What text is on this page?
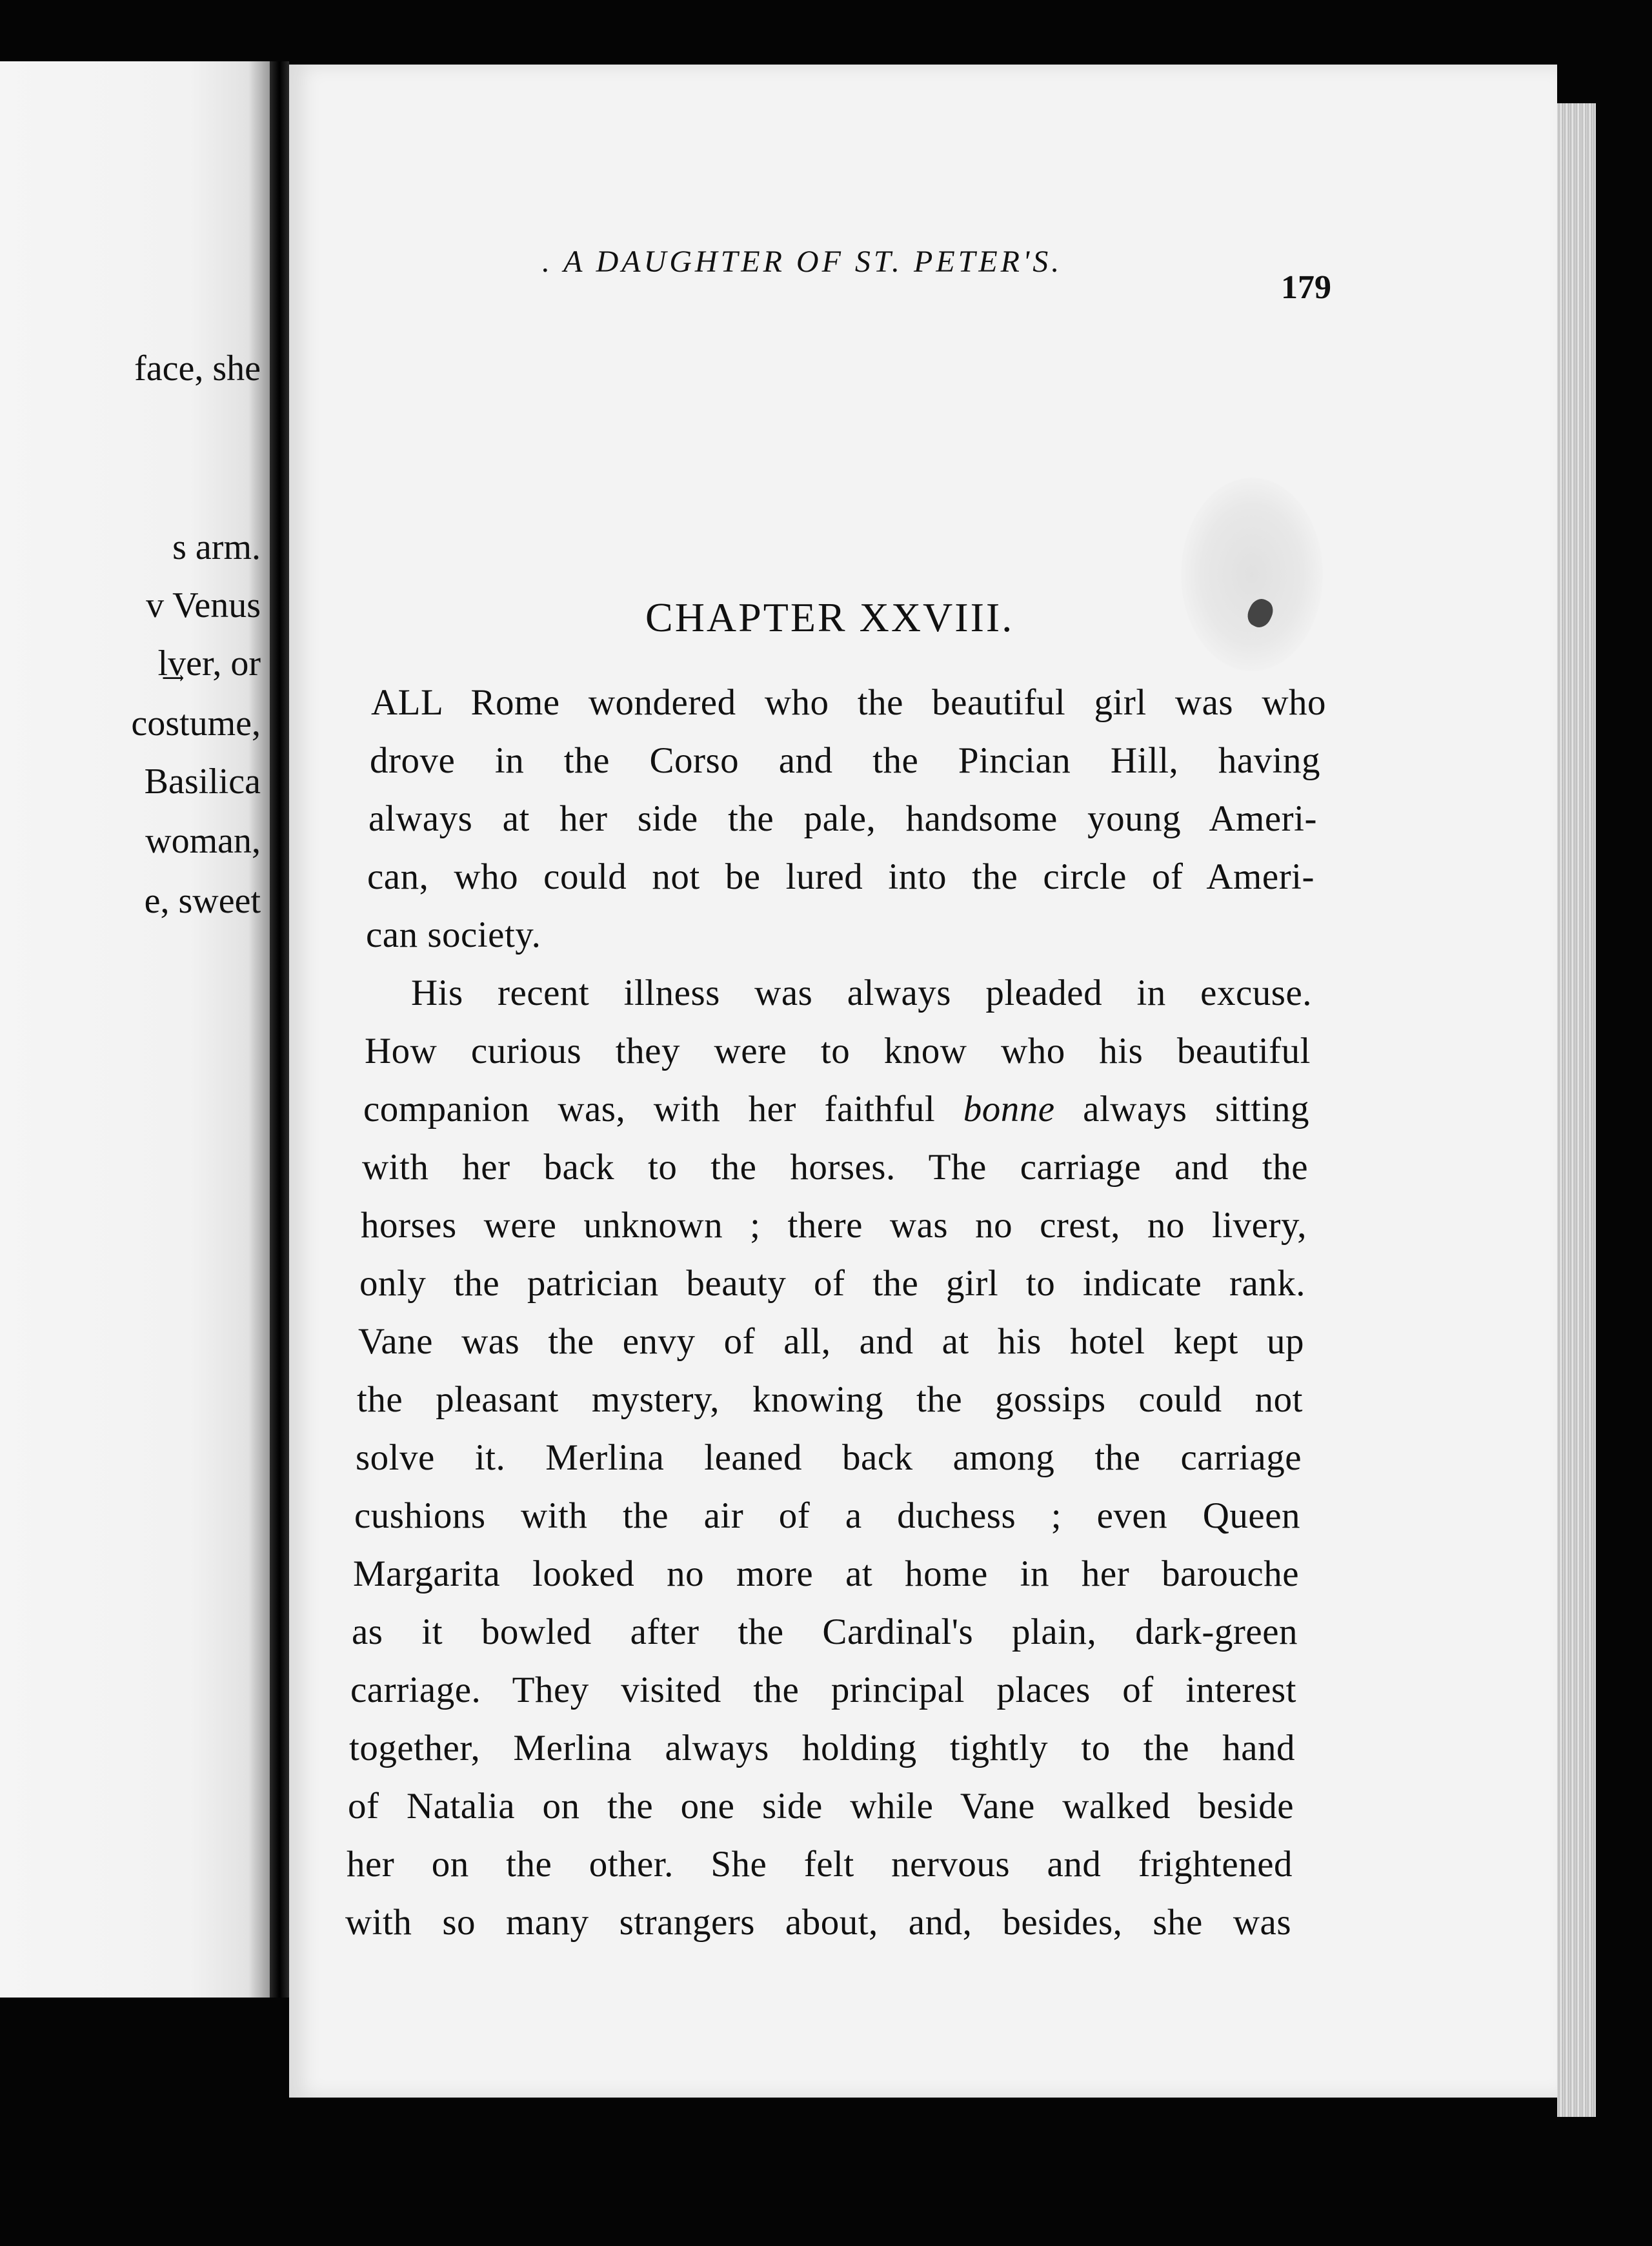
face, she
s arm.
v Venus
l͢ver, or
costume,
Basilica
woman,
e, sweet
. A DAUGHTER OF ST. PETER'S.
179
CHAPTER XXVIII.
ALL Rome wondered who the beautiful girl was who
drove in the Corso and the Pincian Hill, having
always at her side the pale, handsome young Ameri-
can, who could not be lured into the circle of Ameri-
can society.
His recent illness was always pleaded in excuse.
How curious they were to know who his beautiful
companion was, with her faithful bonne always sitting
with her back to the horses. The carriage and the
horses were unknown ; there was no crest, no livery,
only the patrician beauty of the girl to indicate rank.
Vane was the envy of all, and at his hotel kept up
the pleasant mystery, knowing the gossips could not
solve it. Merlina leaned back among the carriage
cushions with the air of a duchess ; even Queen
Margarita looked no more at home in her barouche
as it bowled after the Cardinal's plain, dark-green
carriage. They visited the principal places of interest
together, Merlina always holding tightly to the hand
of Natalia on the one side while Vane walked beside
her on the other. She felt nervous and frightened
with so many strangers about, and, besides, she was
